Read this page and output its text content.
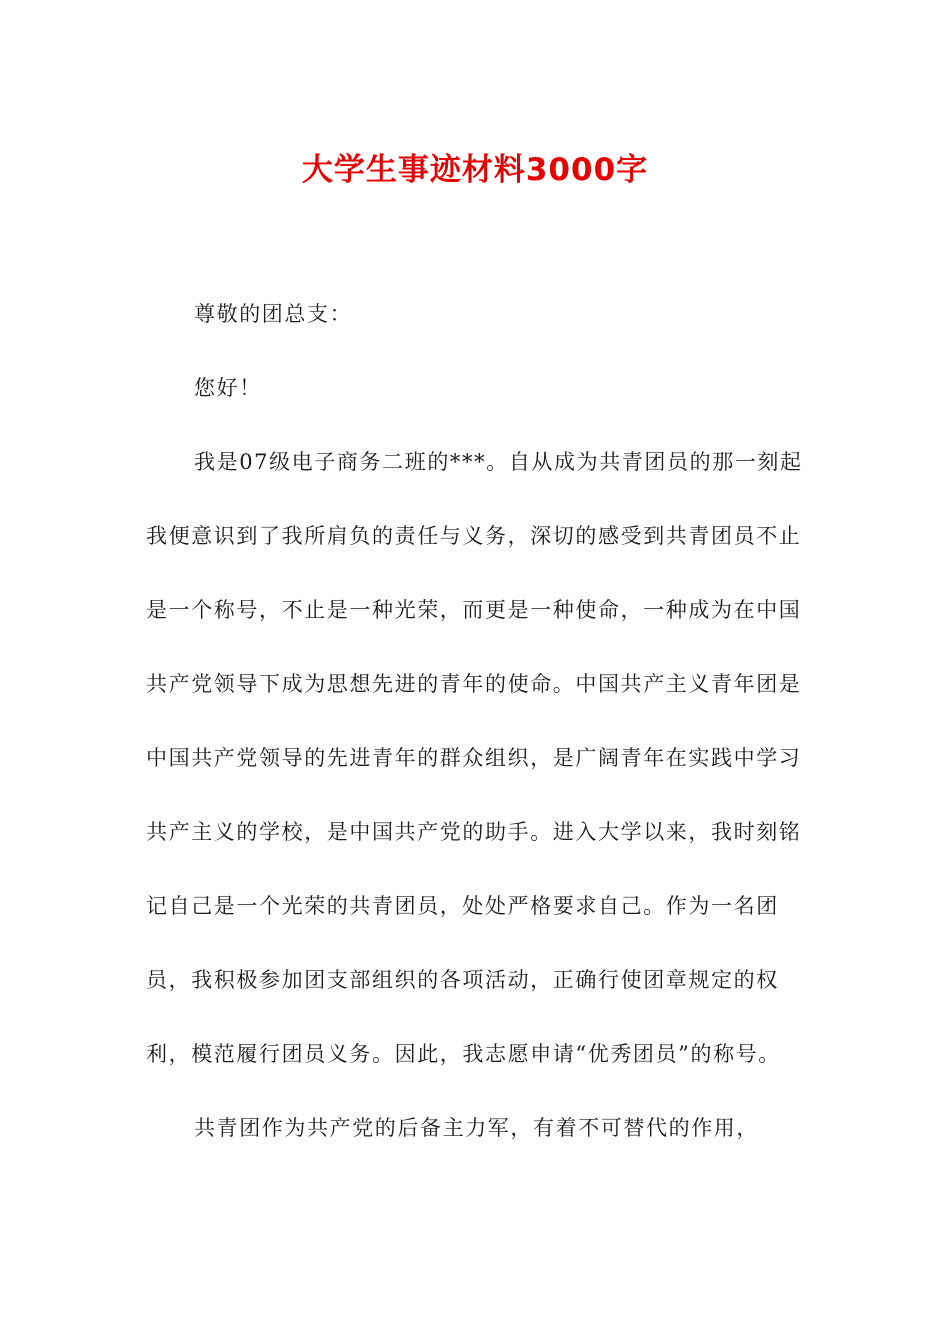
大学生事迹材料3000字

尊敬的团总支：

您好！

我是07级电子商务二班的***。自从成为共青团员的那一刻起我便意识到了我所肩负的责任与义务，深切的感受到共青团员不止是一个称号，不止是一种光荣，而更是一种使命，一种成为在中国共产党领导下成为思想先进的青年的使命。中国共产主义青年团是中国共产党领导的先进青年的群众组织，是广阔青年在实践中学习共产主义的学校，是中国共产党的助手。进入大学以来，我时刻铭记自己是一个光荣的共青团员，处处严格要求自己。作为一名团员，我积极参加团支部组织的各项活动，正确行使团章规定的权利，模范履行团员义务。因此，我志愿申请“优秀团员”的称号。

共青团作为共产党的后备主力军，有着不可替代的作用，
